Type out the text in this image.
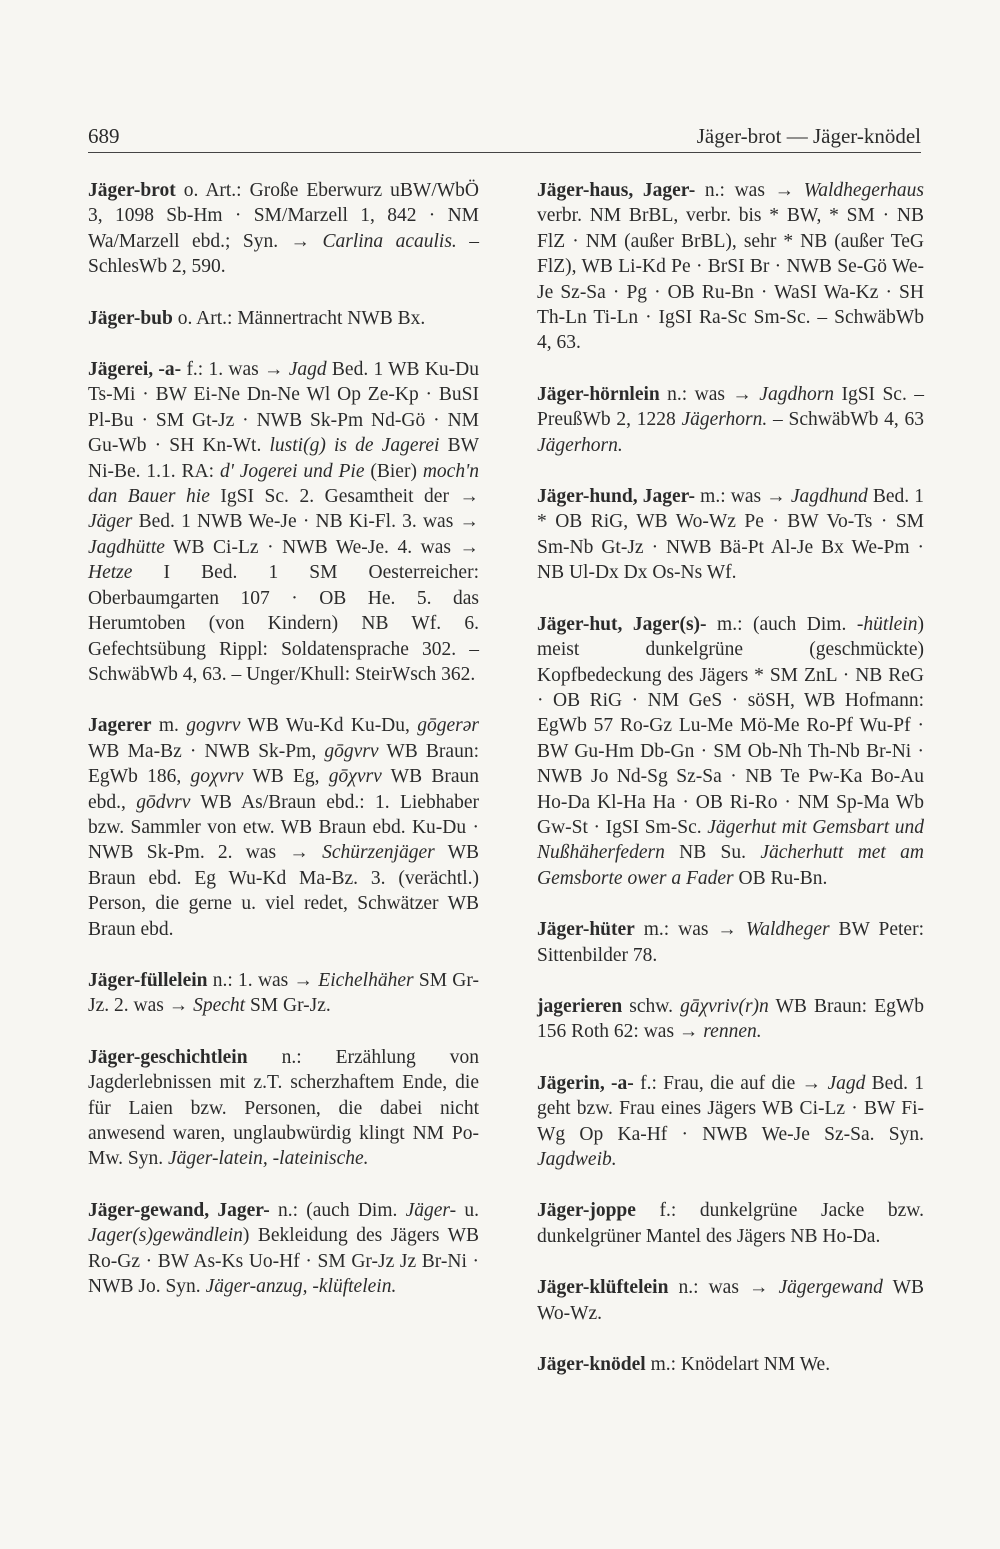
689	Jäger-brot — Jäger-knödel

Jäger-brot o. Art.: Große Eberwurz uBW/WbÖ 3, 1098 Sb-Hm · SM/Marzell 1, 842 · NM Wa/Marzell ebd.; Syn. → Carlina acaulis. – SchlesWb 2, 590.

Jäger-bub o. Art.: Männertracht NWB Bx.

Jägerei, -a- f.: 1. was → Jagd Bed. 1 WB Ku-Du Ts-Mi · BW Ei-Ne Dn-Ne Wl Op Ze-Kp · BuSI Pl-Bu · SM Gt-Jz · NWB Sk-Pm Nd-Gö · NM Gu-Wb · SH Kn-Wt. lusti(g) is de Jagerei BW Ni-Be. 1.1. RA: d' Jogerei und Pie (Bier) moch'n dan Bauer hie IgSI Sc. 2. Gesamtheit der → Jäger Bed. 1 NWB We-Je · NB Ki-Fl. 3. was → Jagdhütte WB Ci-Lz · NWB We-Je. 4. was → Hetze I Bed. 1 SM Oesterreicher: Oberbaumgarten 107 · OB He. 5. das Herumtoben (von Kindern) NB Wf. 6. Gefechtsübung Rippl: Soldatensprache 302. – SchwäbWb 4, 63. – Unger/Khull: SteirWsch 362.

Jagerer m. gogvrv WB Wu-Kd Ku-Du, gōgerər WB Ma-Bz · NWB Sk-Pm, gōgvrv WB Braun: EgWb 186, goχvrv WB Eg, gōχvrv WB Braun ebd., gōdvrv WB As/Braun ebd.: 1. Liebhaber bzw. Sammler von etw. WB Braun ebd. Ku-Du · NWB Sk-Pm. 2. was → Schürzenjäger WB Braun ebd. Eg Wu-Kd Ma-Bz. 3. (verächtl.) Person, die gerne u. viel redet, Schwätzer WB Braun ebd.

Jäger-füllelein n.: 1. was → Eichelhäher SM Gr-Jz. 2. was → Specht SM Gr-Jz.

Jäger-geschichtlein n.: Erzählung von Jagderlebnissen mit z.T. scherzhaftem Ende, die für Laien bzw. Personen, die dabei nicht anwesend waren, unglaubwürdig klingt NM Po-Mw. Syn. Jäger-latein, -lateinische.

Jäger-gewand, Jager- n.: (auch Dim. Jäger- u. Jager(s)gewändlein) Bekleidung des Jägers WB Ro-Gz · BW As-Ks Uo-Hf · SM Gr-Jz Jz Br-Ni · NWB Jo. Syn. Jäger-anzug, -klüftelein.

Jäger-haus, Jager- n.: was → Waldhegerhaus verbr. NM BrBL, verbr. bis * BW, * SM · NB FlZ · NM (außer BrBL), sehr * NB (außer TeG FlZ), WB Li-Kd Pe · BrSI Br · NWB Se-Gö We-Je Sz-Sa · Pg · OB Ru-Bn · WaSI Wa-Kz · SH Th-Ln Ti-Ln · IgSI Ra-Sc Sm-Sc. – SchwäbWb 4, 63.

Jäger-hörnlein n.: was → Jagdhorn IgSI Sc. – PreußWb 2, 1228 Jägerhorn. – SchwäbWb 4, 63 Jägerhorn.

Jäger-hund, Jager- m.: was → Jagdhund Bed. 1 * OB RiG, WB Wo-Wz Pe · BW Vo-Ts · SM Sm-Nb Gt-Jz · NWB Bä-Pt Al-Je Bx We-Pm · NB Ul-Dx Dx Os-Ns Wf.

Jäger-hut, Jager(s)- m.: (auch Dim. -hütlein) meist dunkelgrüne (geschmückte) Kopfbedeckung des Jägers * SM ZnL · NB ReG · OB RiG · NM GeS · söSH, WB Hofmann: EgWb 57 Ro-Gz Lu-Me Mö-Me Ro-Pf Wu-Pf · BW Gu-Hm Db-Gn · SM Ob-Nh Th-Nb Br-Ni · NWB Jo Nd-Sg Sz-Sa · NB Te Pw-Ka Bo-Au Ho-Da Kl-Ha Ha · OB Ri-Ro · NM Sp-Ma Wb Gw-St · IgSI Sm-Sc. Jägerhut mit Gemsbart und Nußhäherfedern NB Su. Jächerhutt met am Gemsborte ower a Fader OB Ru-Bn.

Jäger-hüter m.: was → Waldheger BW Peter: Sittenbilder 78.

jagerieren schw. gāχvriv(r)n WB Braun: EgWb 156 Roth 62: was → rennen.

Jägerin, -a- f.: Frau, die auf die → Jagd Bed. 1 geht bzw. Frau eines Jägers WB Ci-Lz · BW Fi-Wg Op Ka-Hf · NWB We-Je Sz-Sa. Syn. Jagdweib.

Jäger-joppe f.: dunkelgrüne Jacke bzw. dunkelgrüner Mantel des Jägers NB Ho-Da.

Jäger-klüftelein n.: was → Jägergewand WB Wo-Wz.

Jäger-knödel m.: Knödelart NM We.
